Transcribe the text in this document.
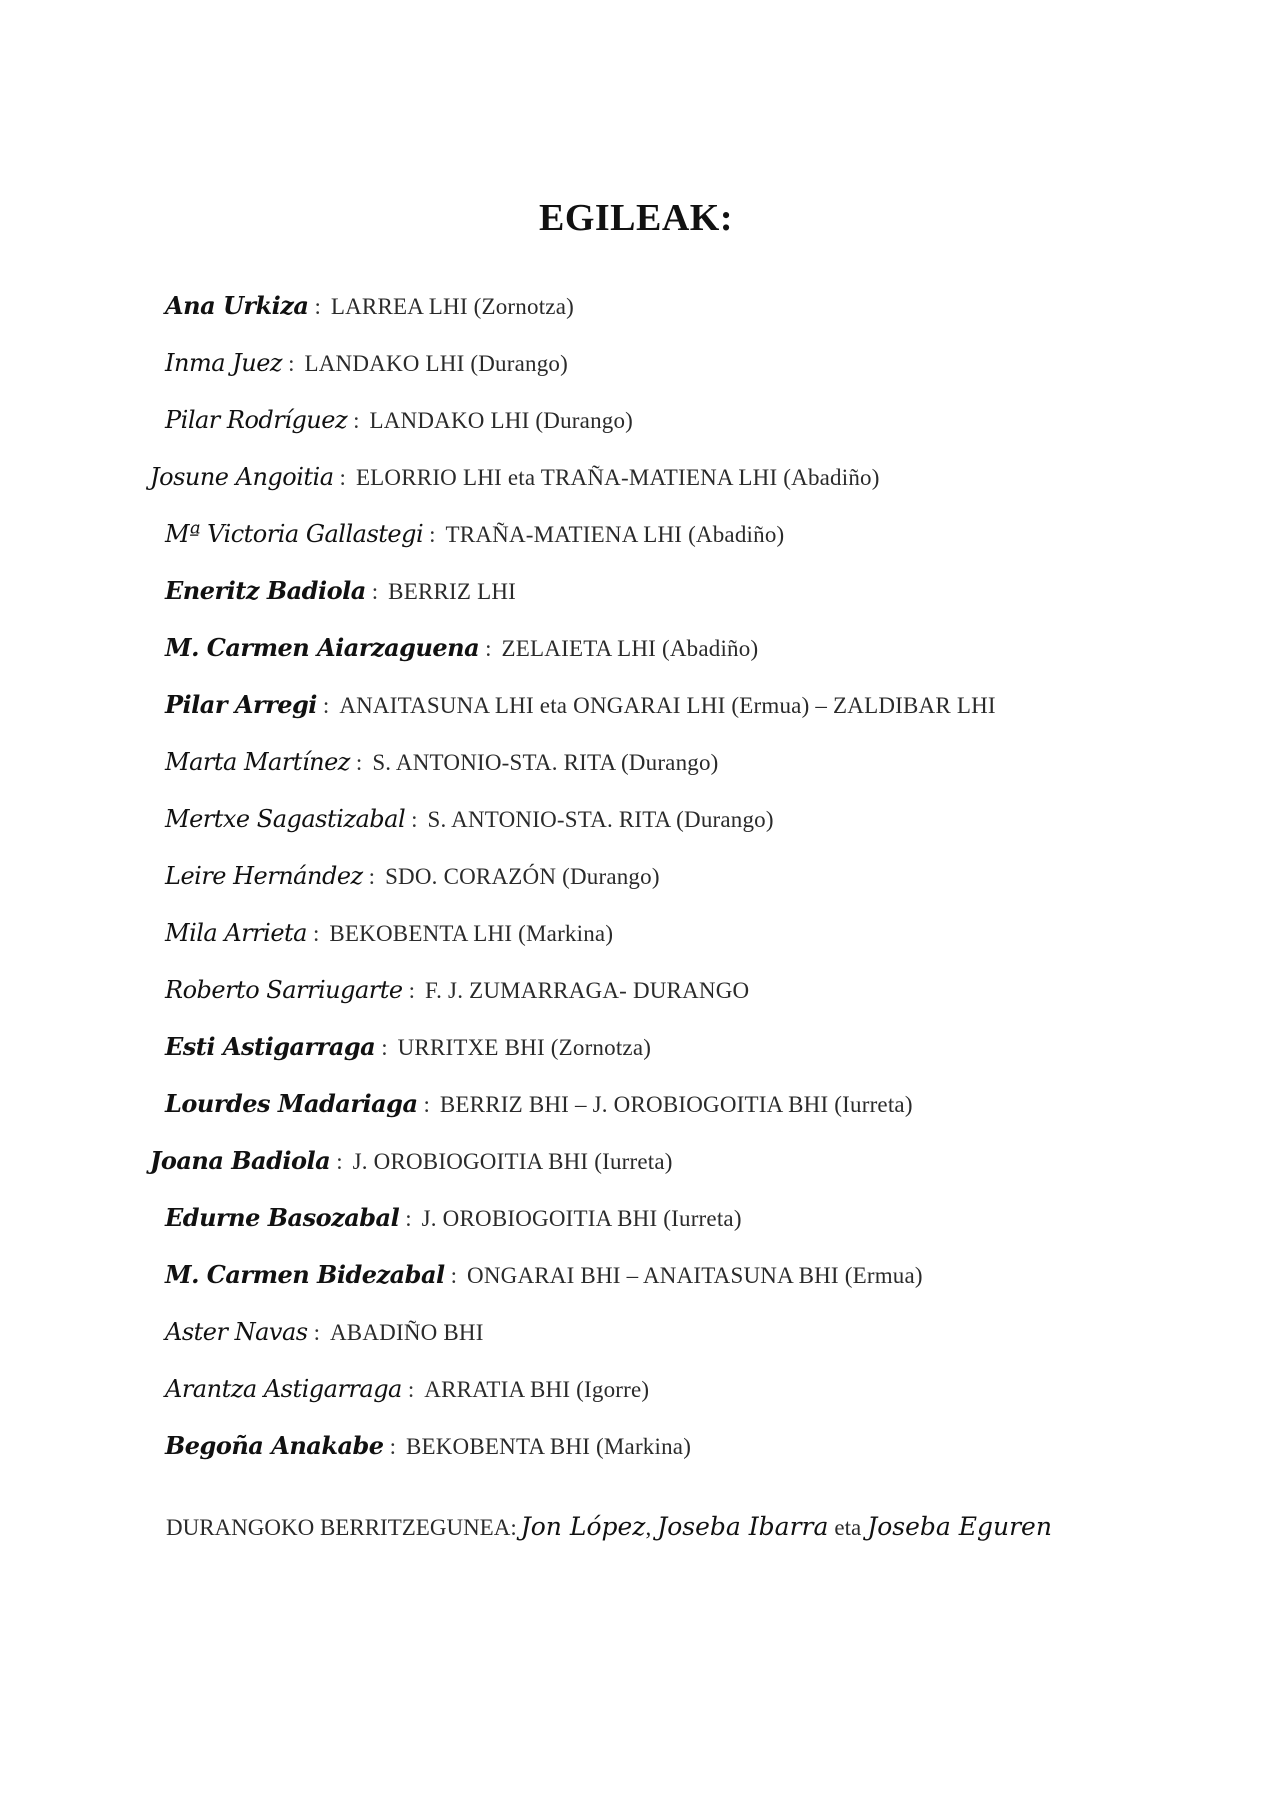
EGILEAK:
Ana Urkiza : LARREA LHI (Zornotza)
Inma Juez : LANDAKO LHI (Durango)
Pilar Rodríguez : LANDAKO LHI (Durango)
Josune Angoitia : ELORRIO LHI eta TRAÑA-MATIENA LHI (Abadiño)
Mª Victoria Gallastegi : TRAÑA-MATIENA LHI (Abadiño)
Eneritz Badiola : BERRIZ LHI
M. Carmen Aiarzaguena : ZELAIETA LHI (Abadiño)
Pilar Arregi : ANAITASUNA LHI eta ONGARAI LHI (Ermua) – ZALDIBAR LHI
Marta Martínez : S. ANTONIO-STA. RITA (Durango)
Mertxe Sagastizabal : S. ANTONIO-STA. RITA (Durango)
Leire Hernández : SDO. CORAZÓN (Durango)
Mila Arrieta : BEKOBENTA LHI (Markina)
Roberto Sarriugarte : F. J. ZUMARRAGA- DURANGO
Esti Astigarraga : URRITXE BHI (Zornotza)
Lourdes Madariaga : BERRIZ BHI – J. OROBIOGOITIA BHI (Iurreta)
Joana Badiola : J. OROBIOGOITIA BHI (Iurreta)
Edurne Basozabal : J. OROBIOGOITIA BHI (Iurreta)
M. Carmen Bidezabal : ONGARAI BHI – ANAITASUNA BHI (Ermua)
Aster Navas : ABADIÑO BHI
Arantza Astigarraga : ARRATIA BHI (Igorre)
Begoña Anakabe : BEKOBENTA BHI (Markina)
DURANGOKO BERRITZEGUNEA: Jon López, Joseba Ibarra eta Joseba Eguren
